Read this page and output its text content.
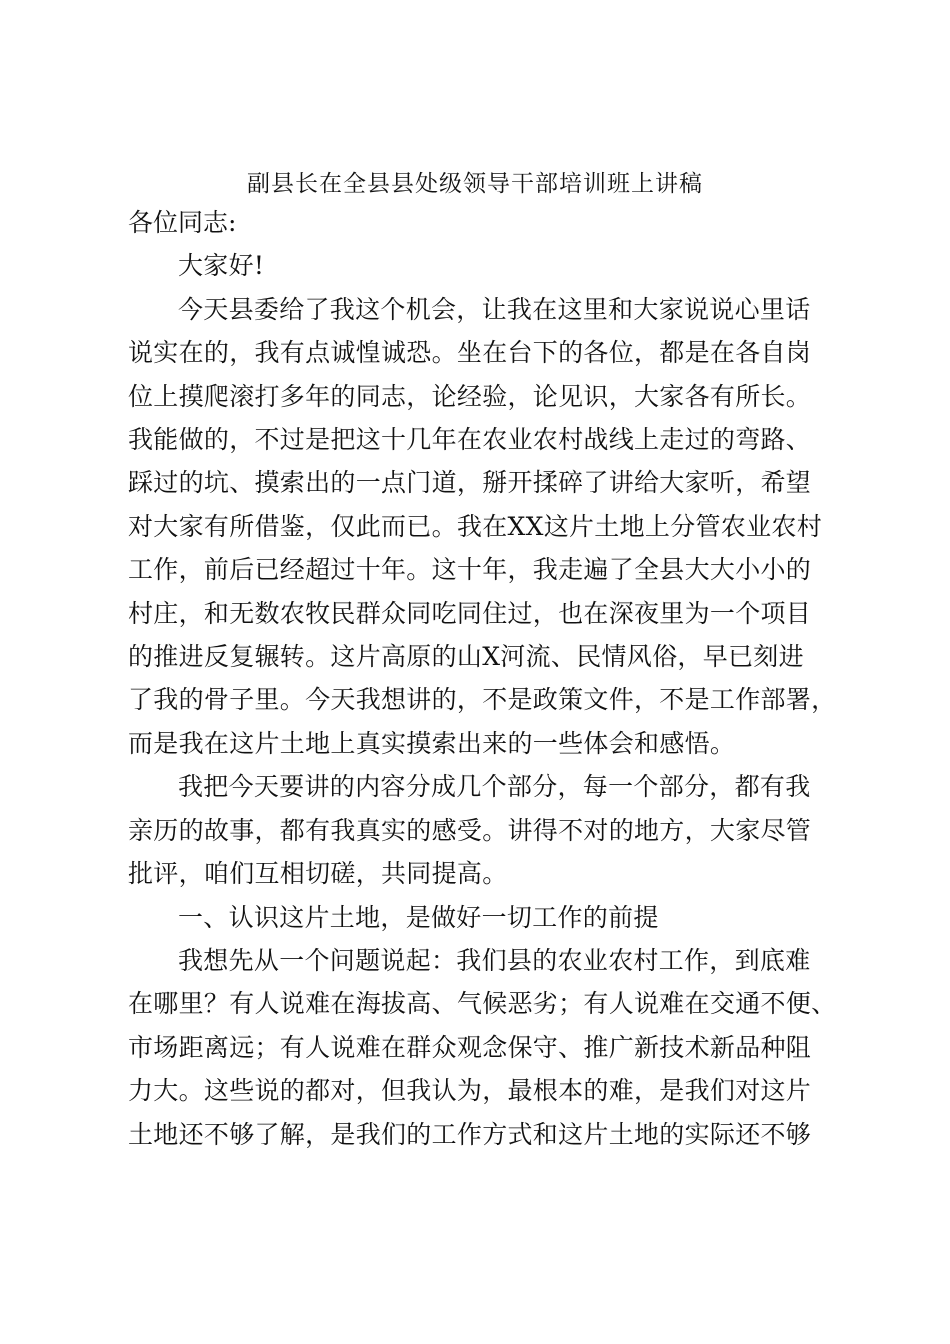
副县长在全县县处级领导干部培训班上讲稿

各位同志:

大家好!
今天县委给了我这个机会，让我在这里和大家说说心里话
说实在的，我有点诚惶诚恐。坐在台下的各位，都是在各自岗
位上摸爬滚打多年的同志，论经验，论见识，大家各有所长。
我能做的，不过是把这十几年在农业农村战线上走过的弯路、
踩过的坑、摸索出的一点门道，掰开揉碎了讲给大家听，希望
对大家有所借鉴，仅此而已。我在XX这片土地上分管农业农村
工作，前后已经超过十年。这十年，我走遍了全县大大小小的
村庄，和无数农牧民群众同吃同住过，也在深夜里为一个项目
的推进反复辗转。这片高原的山X河流、民情风俗，早已刻进
了我的骨子里。今天我想讲的，不是政策文件，不是工作部署，
而是我在这片土地上真实摸索出来的一些体会和感悟。
我把今天要讲的内容分成几个部分，每一个部分，都有我
亲历的故事，都有我真实的感受。讲得不对的地方，大家尽管
批评，咱们互相切磋，共同提高。
一、认识这片土地，是做好一切工作的前提
我想先从一个问题说起：我们县的农业农村工作，到底难
在哪里？有人说难在海拔高、气候恶劣；有人说难在交通不便、
市场距离远；有人说难在群众观念保守、推广新技术新品种阻
力大。这些说的都对，但我认为，最根本的难，是我们对这片
土地还不够了解，是我们的工作方式和这片土地的实际还不够
